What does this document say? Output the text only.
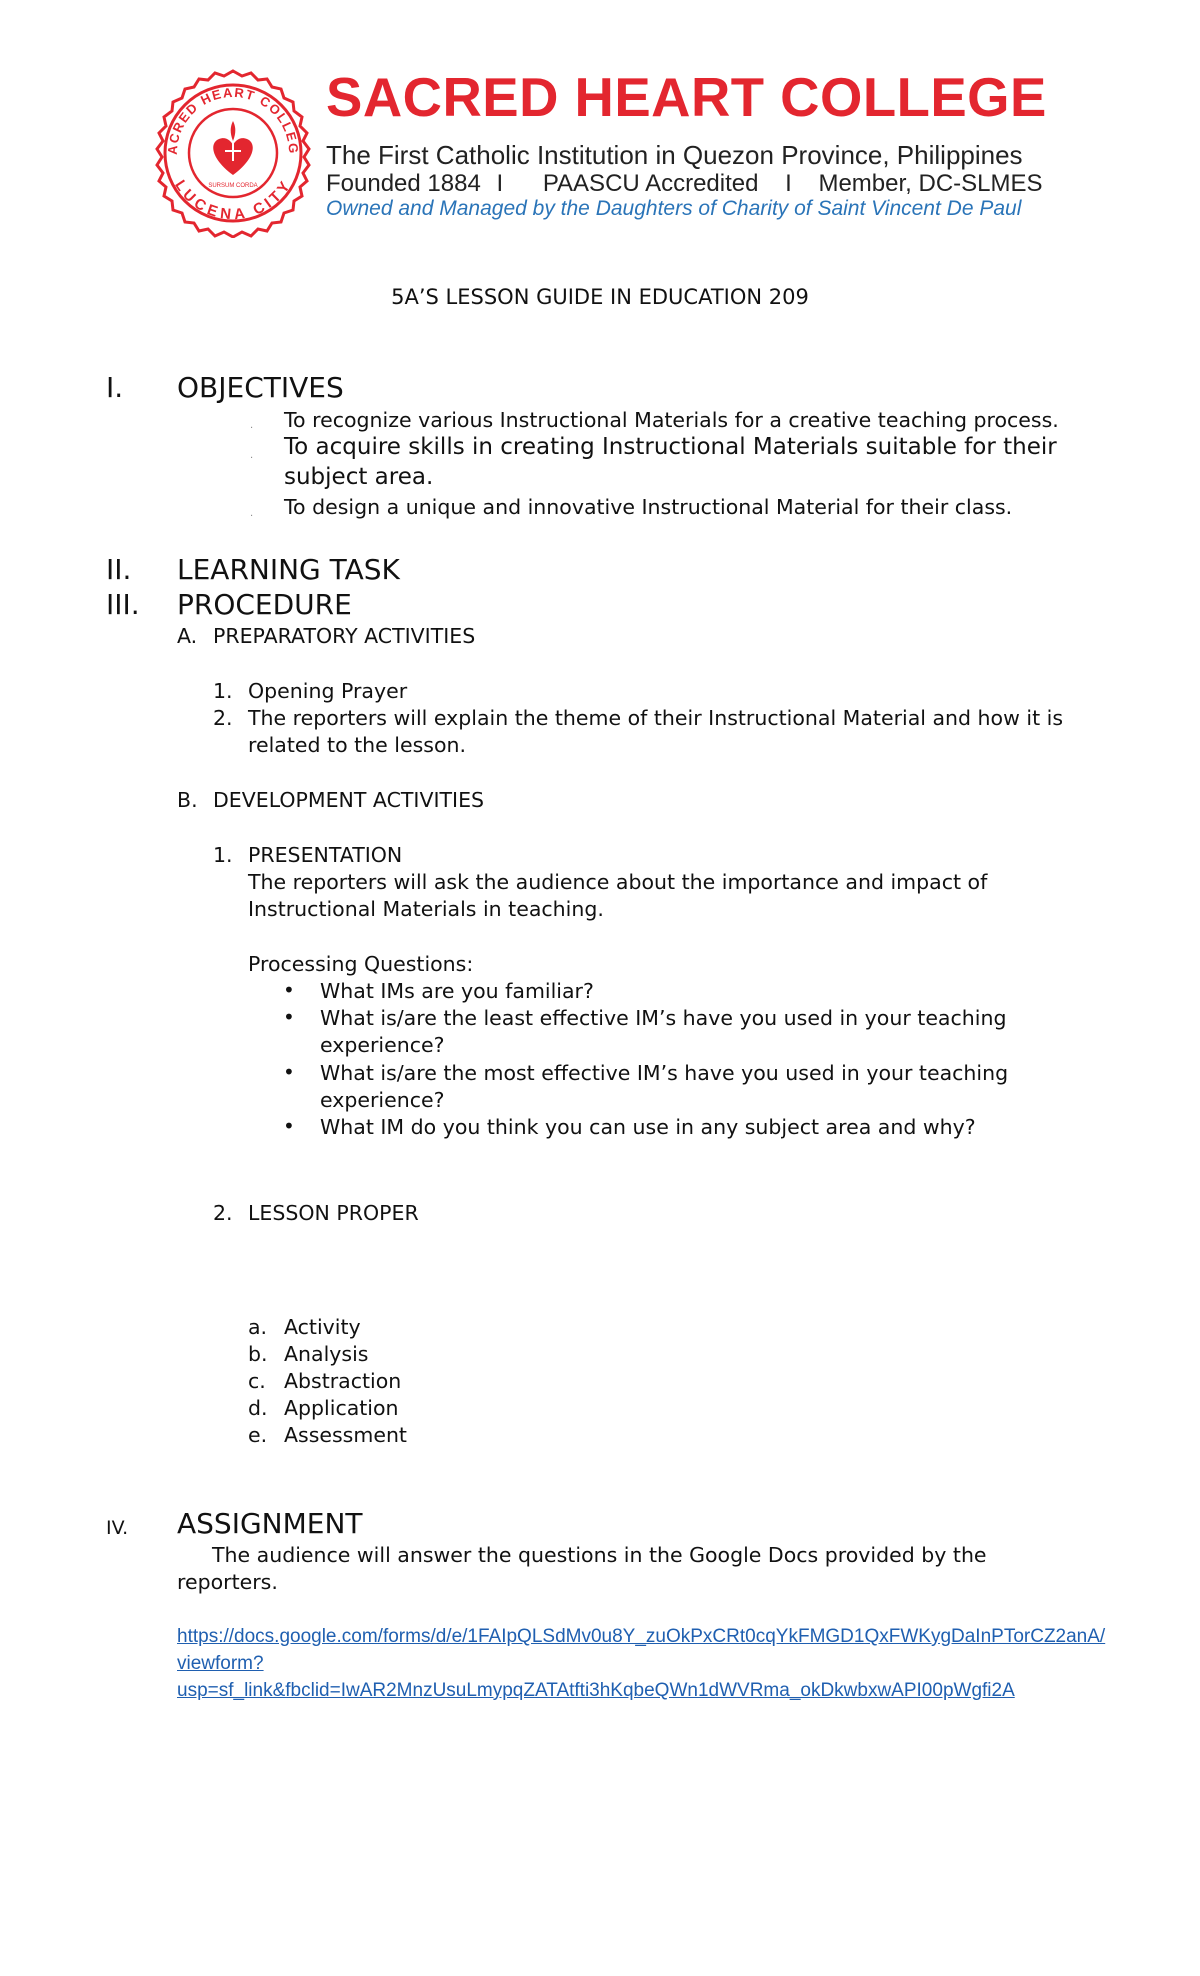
ACRED HEART COLLEG
LUCENA CITY
SURSUM CORDA
SACRED HEART COLLEGE
The First Catholic Institution in Quezon Province, Philippines
Founded 1884 I PAASCU Accredited I Member, DC-SLMES
Owned and Managed by the Daughters of Charity of Saint Vincent De Paul
5A’S LESSON GUIDE IN EDUCATION 209
I. OBJECTIVES
. To recognize various Instructional Materials for a creative teaching process.
. To acquire skills in creating Instructional Materials suitable for their
subject area.
. To design a unique and innovative Instructional Material for their class.
II. LEARNING TASK
III. PROCEDURE
A. PREPARATORY ACTIVITIES
1. Opening Prayer
2. The reporters will explain the theme of their Instructional Material and how it is
related to the lesson.
B. DEVELOPMENT ACTIVITIES
1. PRESENTATION
The reporters will ask the audience about the importance and impact of
Instructional Materials in teaching.
Processing Questions:
• What IMs are you familiar?
• What is/are the least effective IM’s have you used in your teaching
experience?
• What is/are the most effective IM’s have you used in your teaching
experience?
• What IM do you think you can use in any subject area and why?
2. LESSON PROPER
a. Activity
b. Analysis
c. Abstraction
d. Application
e. Assessment
IV. ASSIGNMENT
The audience will answer the questions in the Google Docs provided by the
reporters.
https://docs.google.com/forms/d/e/1FAIpQLSdMv0u8Y_zuOkPxCRt0cqYkFMGD1QxFWKygDaInPTorCZ2anA/
viewform?
usp=sf_link&fbclid=IwAR2MnzUsuLmypqZATAtfti3hKqbeQWn1dWVRma_okDkwbxwAPI00pWgfi2A
